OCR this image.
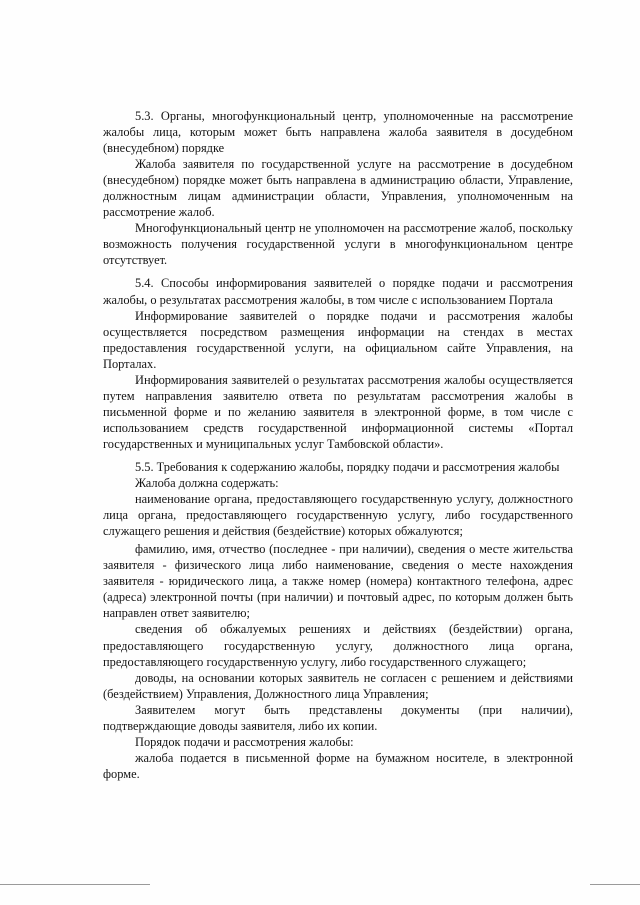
5.3. Органы, многофункциональный центр, уполномоченные на рассмотрение жалобы лица, которым может быть направлена жалоба заявителя в досудебном (внесудебном) порядке

Жалоба заявителя по государственной услуге на рассмотрение в досудебном (внесудебном) порядке может быть направлена в администрацию области, Управление, должностным лицам администрации области, Управления, уполномоченным на рассмотрение жалоб.

Многофункциональный центр не уполномочен на рассмотрение жалоб, поскольку возможность получения государственной услуги в многофункциональном центре отсутствует.

5.4. Способы информирования заявителей о порядке подачи и рассмотрения жалобы, о результатах рассмотрения жалобы, в том числе с использованием Портала

Информирование заявителей о порядке подачи и рассмотрения жалобы осуществляется посредством размещения информации на стендах в местах предоставления государственной услуги, на официальном сайте Управления, на Порталах.

Информирования заявителей о результатах рассмотрения жалобы осуществляется путем направления заявителю ответа по результатам рассмотрения жалобы в письменной форме и по желанию заявителя в электронной форме, в том числе с использованием средств государственной информационной системы «Портал государственных и муниципальных услуг Тамбовской области».

5.5. Требования к содержанию жалобы, порядку подачи и рассмотрения жалобы

Жалоба должна содержать:

наименование органа, предоставляющего государственную услугу, должностного лица органа, предоставляющего государственную услугу, либо государственного служащего решения и действия (бездействие) которых обжалуются;

фамилию, имя, отчество (последнее - при наличии), сведения о месте жительства заявителя - физического лица либо наименование, сведения о месте нахождения заявителя - юридического лица, а также номер (номера) контактного телефона, адрес (адреса) электронной почты (при наличии) и почтовый адрес, по которым должен быть направлен ответ заявителю;

сведения об обжалуемых решениях и действиях (бездействии) органа, предоставляющего государственную услугу, должностного лица органа, предоставляющего государственную услугу, либо государственного служащего;

доводы, на основании которых заявитель не согласен с решением и действиями (бездействием) Управления, Должностного лица Управления;

Заявителем могут быть представлены документы (при наличии), подтверждающие доводы заявителя, либо их копии.

Порядок подачи и рассмотрения жалобы:

жалоба подается в письменной форме на бумажном носителе, в электронной форме.
